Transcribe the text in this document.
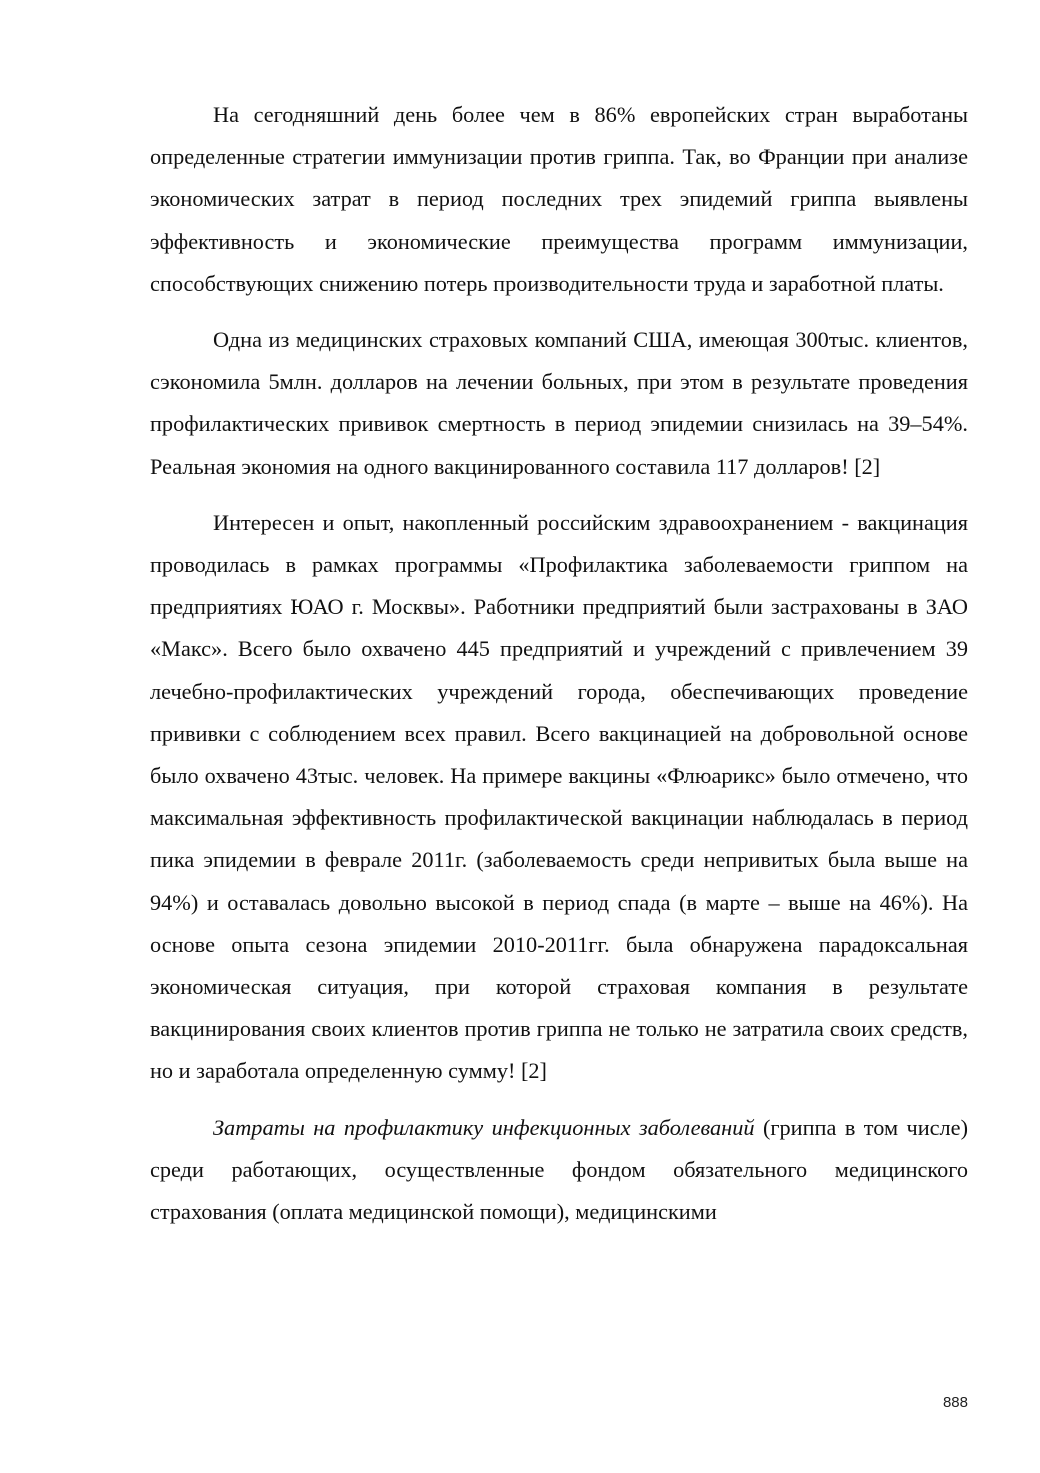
На сегодняшний день более чем в 86% европейских стран выработаны определенные стратегии иммунизации против гриппа. Так, во Франции при анализе экономических затрат в период последних трех эпидемий гриппа выявлены эффективность и экономические преимущества программ иммунизации, способствующих снижению потерь производительности труда и заработной платы.

Одна из медицинских страховых компаний США, имеющая 300тыс. клиентов, сэкономила 5млн. долларов на лечении больных, при этом в результате проведения профилактических прививок смертность в период эпидемии снизилась на 39–54%. Реальная экономия на одного вакцинированного составила 117 долларов! [2]

Интересен и опыт, накопленный российским здравоохранением - вакцинация проводилась в рамках программы «Профилактика заболеваемости гриппом на предприятиях ЮАО г. Москвы». Работники предприятий были застрахованы в ЗАО «Макс». Всего было охвачено 445 предприятий и учреждений с привлечением 39 лечебно-профилактических учреждений города, обеспечивающих проведение прививки с соблюдением всех правил. Всего вакцинацией на добровольной основе было охвачено 43тыс. человек. На примере вакцины «Флюарикс» было отмечено, что максимальная эффективность профилактической вакцинации наблюдалась в период пика эпидемии в феврале 2011г. (заболеваемость среди непривитых была выше на 94%) и оставалась довольно высокой в период спада (в марте – выше на 46%). На основе опыта сезона эпидемии 2010-2011гг. была обнаружена парадоксальная экономическая ситуация, при которой страховая компания в результате вакцинирования своих клиентов против гриппа не только не затратила своих средств, но и заработала определенную сумму! [2]

Затраты на профилактику инфекционных заболеваний (гриппа в том числе) среди работающих, осуществленные фондом обязательного медицинского страхования (оплата медицинской помощи), медицинскими

888
